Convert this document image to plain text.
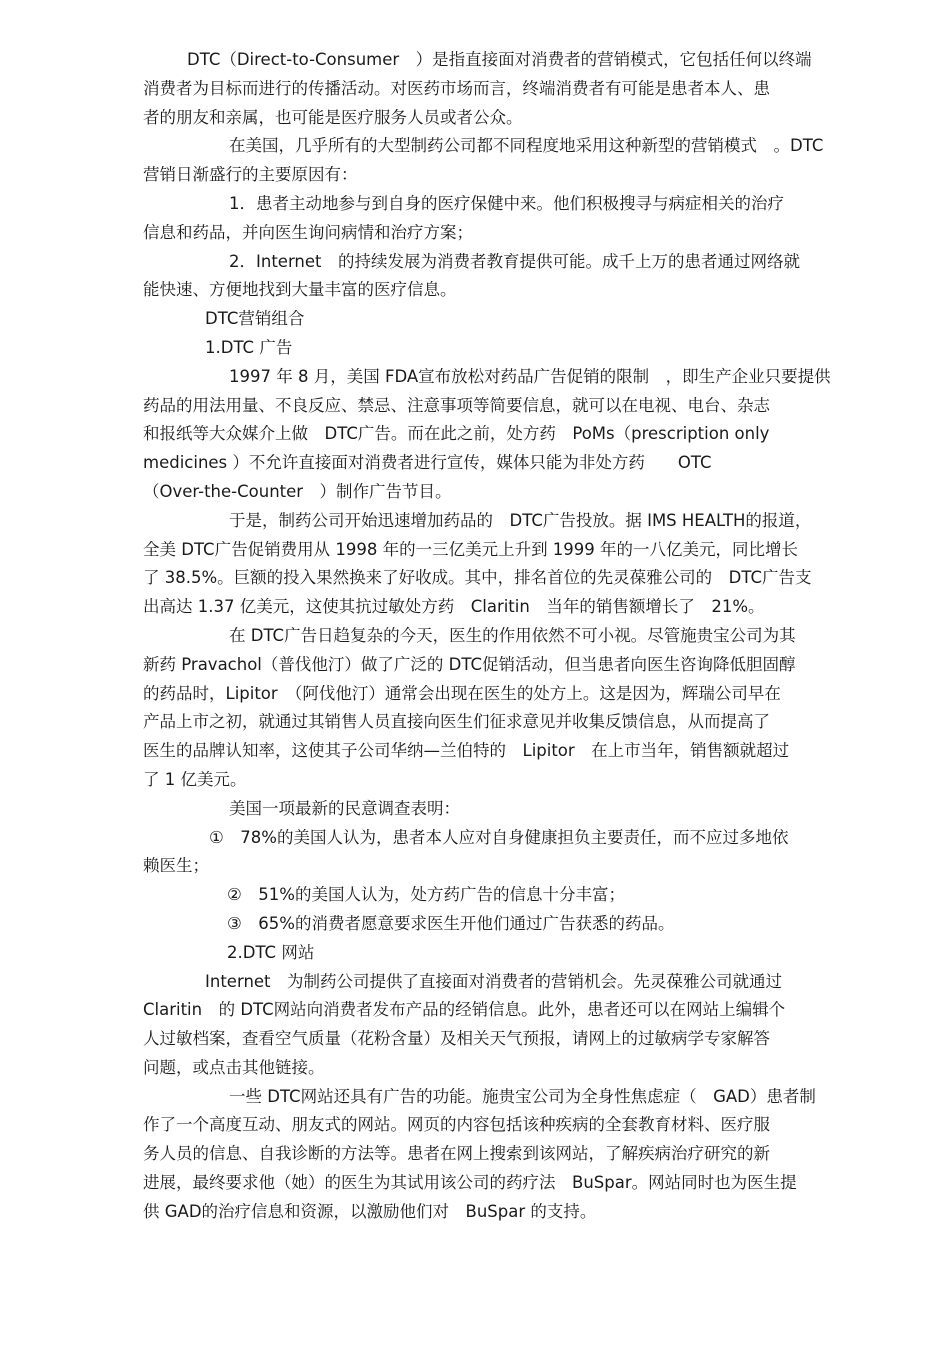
DTC（Direct-to-Consumer　）是指直接面对消费者的营销模式，它包括任何以终端
消费者为目标而进行的传播活动。对医药市场而言，终端消费者有可能是患者本人、患
者的朋友和亲属，也可能是医疗服务人员或者公众。
在美国，几乎所有的大型制药公司都不同程度地采用这种新型的营销模式　。DTC
营销日渐盛行的主要原因有：
1．患者主动地参与到自身的医疗保健中来。他们积极搜寻与病症相关的治疗
信息和药品，并向医生询问病情和治疗方案；
2．Internet　的持续发展为消费者教育提供可能。成千上万的患者通过网络就
能快速、方便地找到大量丰富的医疗信息。
DTC营销组合
1.DTC 广告
1997 年 8 月，美国 FDA宣布放松对药品广告促销的限制　，即生产企业只要提供
药品的用法用量、不良反应、禁忌、注意事项等简要信息，就可以在电视、电台、杂志
和报纸等大众媒介上做　DTC广告。而在此之前，处方药　PoMs（prescription only
medicines ）不允许直接面对消费者进行宣传，媒体只能为非处方药　　OTC
（Over-the-Counter　）制作广告节目。
于是，制药公司开始迅速增加药品的　DTC广告投放。据 IMS HEALTH的报道，
全美 DTC广告促销费用从 1998 年的一三亿美元上升到 1999 年的一八亿美元，同比增长
了 38.5%。巨额的投入果然换来了好收成。其中，排名首位的先灵葆雅公司的　DTC广告支
出高达 1.37 亿美元，这使其抗过敏处方药　Claritin　当年的销售额增长了　21%。
在 DTC广告日趋复杂的今天，医生的作用依然不可小视。尽管施贵宝公司为其
新药 Pravachol（普伐他汀）做了广泛的 DTC促销活动，但当患者向医生咨询降低胆固醇
的药品时，Lipitor　（阿伐他汀）通常会出现在医生的处方上。这是因为，辉瑞公司早在
产品上市之初，就通过其销售人员直接向医生们征求意见并收集反馈信息，从而提高了
医生的品牌认知率，这使其子公司华纳—兰伯特的　Lipitor　在上市当年，销售额就超过
了 1 亿美元。
美国一项最新的民意调查表明：
①　78%的美国人认为，患者本人应对自身健康担负主要责任，而不应过多地依
赖医生；
②　51%的美国人认为，处方药广告的信息十分丰富；
③　65%的消费者愿意要求医生开他们通过广告获悉的药品。
2.DTC 网站
Internet　为制药公司提供了直接面对消费者的营销机会。先灵葆雅公司就通过
Claritin　的 DTC网站向消费者发布产品的经销信息。此外，患者还可以在网站上编辑个
人过敏档案，查看空气质量（花粉含量）及相关天气预报，请网上的过敏病学专家解答
问题，或点击其他链接。
一些 DTC网站还具有广告的功能。施贵宝公司为全身性焦虑症（　GAD）患者制
作了一个高度互动、朋友式的网站。网页的内容包括该种疾病的全套教育材料、医疗服
务人员的信息、自我诊断的方法等。患者在网上搜索到该网站，了解疾病治疗研究的新
进展，最终要求他（她）的医生为其试用该公司的药疗法　BuSpar。网站同时也为医生提
供 GAD的治疗信息和资源，以激励他们对　BuSpar 的支持。
